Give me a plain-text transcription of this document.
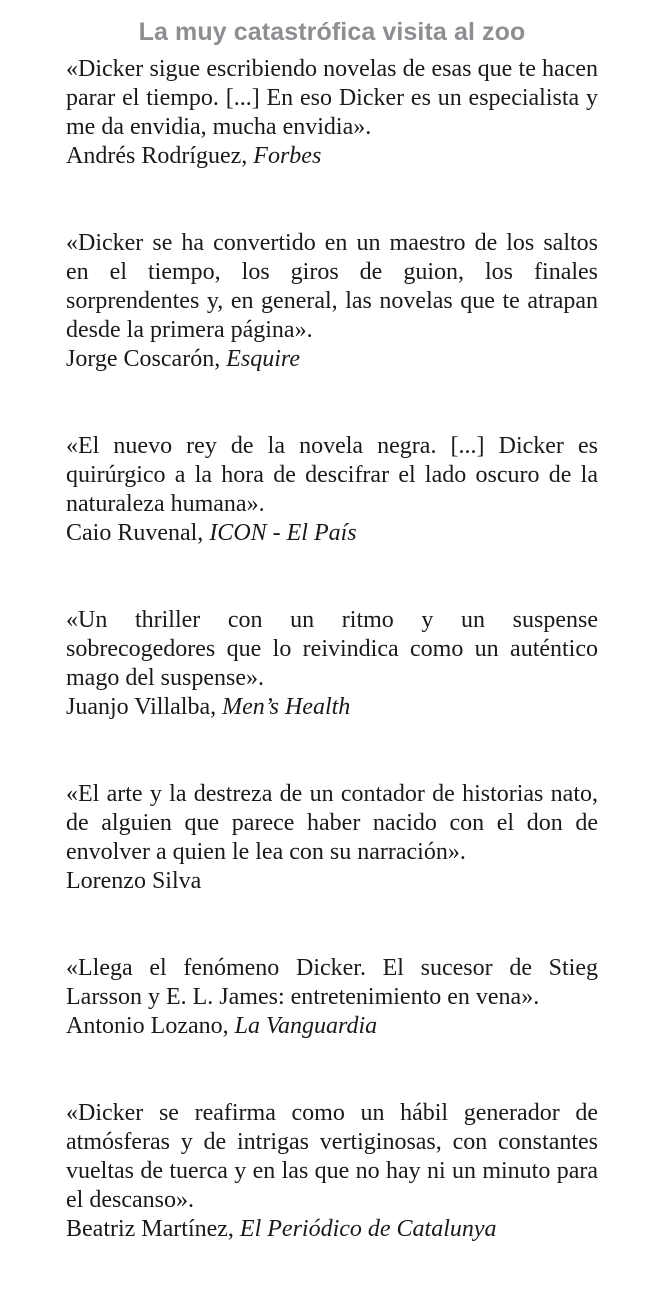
La muy catastrófica visita al zoo
«Dicker sigue escribiendo novelas de esas que te hacen parar el tiempo. [...] En eso Dicker es un especialista y me da envidia, mucha envidia».
Andrés Rodríguez, Forbes
«Dicker se ha convertido en un maestro de los saltos en el tiempo, los giros de guion, los finales sorprendentes y, en general, las novelas que te atrapan desde la primera página».
Jorge Coscarón, Esquire
«El nuevo rey de la novela negra. [...] Dicker es quirúrgico a la hora de descifrar el lado oscuro de la naturaleza humana».
Caio Ruvenal, ICON - El País
«Un thriller con un ritmo y un suspense sobrecogedores que lo reivindica como un auténtico mago del suspense».
Juanjo Villalba, Men’s Health
«El arte y la destreza de un contador de historias nato, de alguien que parece haber nacido con el don de envolver a quien le lea con su narración».
Lorenzo Silva
«Llega el fenómeno Dicker. El sucesor de Stieg Larsson y E. L. James: entretenimiento en vena».
Antonio Lozano, La Vanguardia
«Dicker se reafirma como un hábil generador de atmósferas y de intrigas vertiginosas, con constantes vueltas de tuerca y en las que no hay ni un minuto para el descanso».
Beatriz Martínez, El Periódico de Catalunya
